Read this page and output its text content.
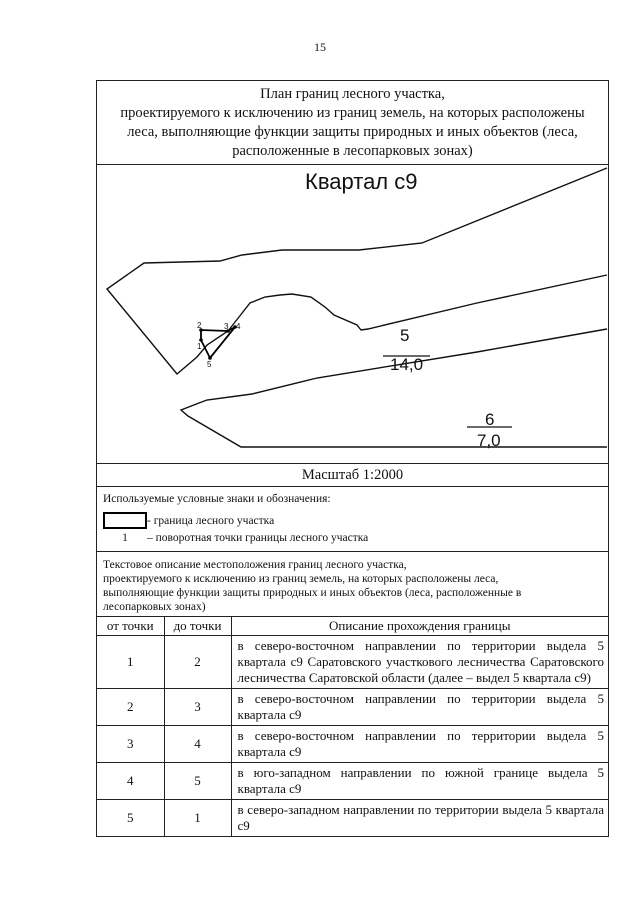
15
План границ лесного участка,
проектируемого к исключению из границ земель, на которых расположены
леса, выполняющие функции защиты природных и иных объектов (леса,
расположенные в лесопарковых зонах)
Квартал с9
5
14,0
6
7,0
1
2	3 4
5
Масштаб 1:2000
Используемые условные знаки и обозначения:
- граница лесного участка
1	– поворотная точки границы лесного участка
Текстовое описание местоположения границ лесного участка,
проектируемого к исключению из границ земель, на которых расположены леса,
выполняющие функции защиты природных и иных объектов (леса, расположенные в
лесопарковых зонах)
от точки	до точки	Описание прохождения границы
1	2	в северо-восточном направлении по территории выдела 5 квартала с9 Саратовского участкового лесничества Саратовского лесничества Саратовской области (далее – выдел 5 квартала с9)
2	3	в северо-восточном направлении по территории выдела 5 квартала с9
3	4	в северо-восточном направлении по территории выдела 5 квартала с9
4	5	в юго-западном направлении по южной границе выдела 5 квартала с9
5	1	в северо-западном направлении по территории выдела 5 квартала с9
